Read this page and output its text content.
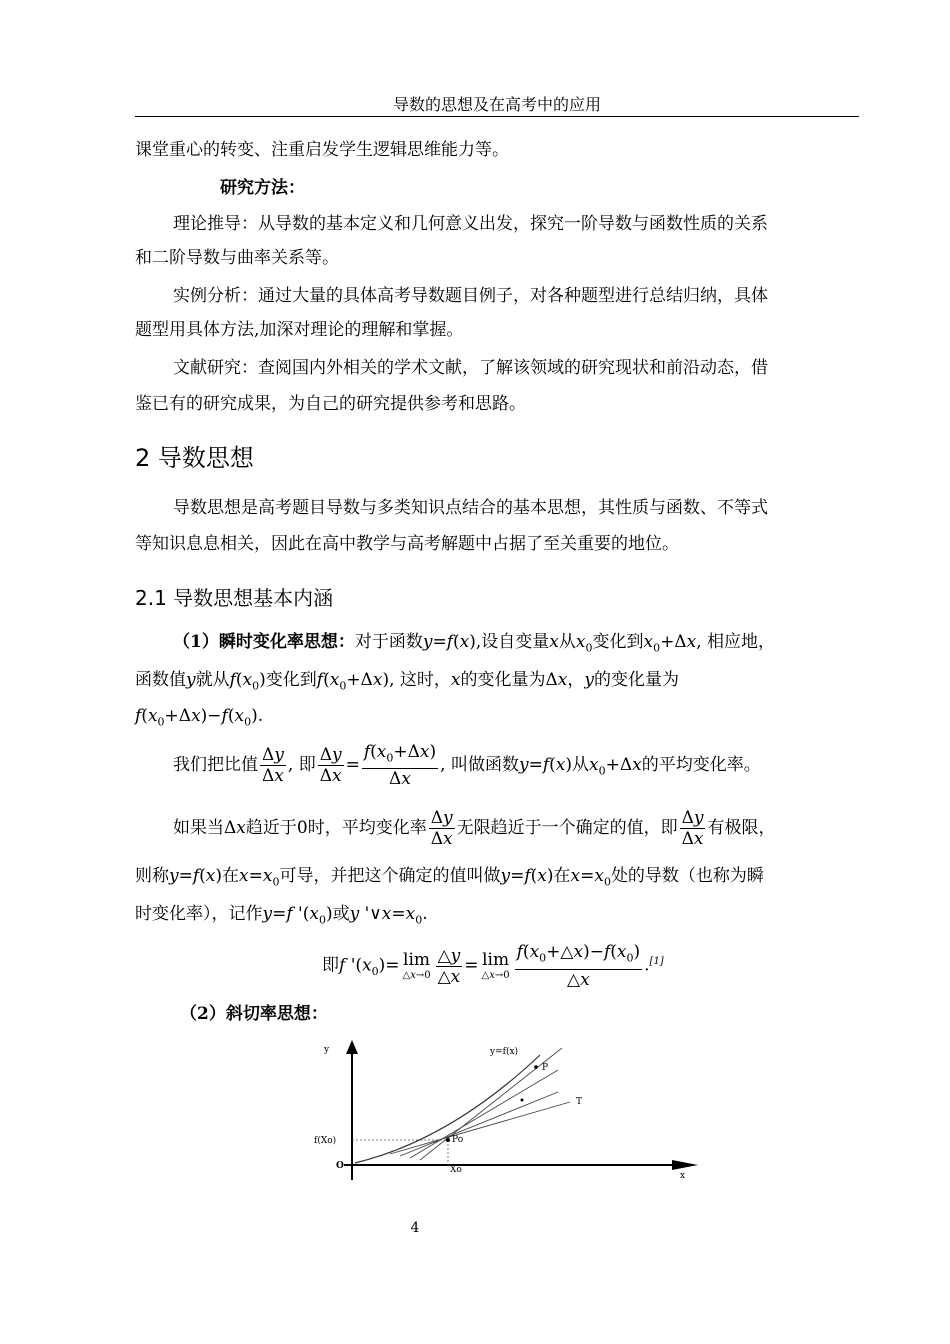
导数的思想及在高考中的应用
课堂重心的转变、注重启发学生逻辑思维能力等。
研究方法：
理论推导：从导数的基本定义和几何意义出发，探究一阶导数与函数性质的关系
和二阶导数与曲率关系等。
实例分析：通过大量的具体高考导数题目例子，对各种题型进行总结归纳，具体
题型用具体方法,加深对理论的理解和掌握。
文献研究：查阅国内外相关的学术文献，了解该领域的研究现状和前沿动态，借
鉴已有的研究成果，为自己的研究提供参考和思路。
2 导数思想
导数思想是高考题目导数与多类知识点结合的基本思想，其性质与函数、不等式
等知识息息相关，因此在高中教学与高考解题中占据了至关重要的地位。
2.1 导数思想基本内涵
（1）瞬时变化率思想：对于函数y=f(x),设自变量x从$x_0$变化到$x_0+\Delta x$, 相应地，
函数值y就从$f(x_0)$变化到$f(x_0+\Delta x)$, 这时，x的变化量为Δx，y的变化量为
$f(x_0+\Delta x)-f(x_0)$.
我们把比值 $\frac{\Delta y}{\Delta x}$ , 即 $\frac{\Delta y}{\Delta x} = \frac{f(x_0+\Delta x)}{\Delta x}$ , 叫做函数y=f(x)从$x_0+\Delta x$的平均变化率。
如果当Δx趋近于0时，平均变化率 $\frac{\Delta y}{\Delta x}$ 无限趋近于一个确定的值，即 $\frac{\Delta y}{\Delta x}$ 有极限，
则称y=f(x)在$x=x_0$可导，并把这个确定的值叫做y=f(x)在$x=x_0$处的导数（也称为瞬
时变化率），记作y=f '$(x_0)$或y '$\vee x=x_0$.
即f '$(x_0)= \lim$
△x→0 $\frac{\triangle y}{\triangle x} = \lim$
△x→0 $\frac{f(x_0+\triangle x)-f(x_0)}{\triangle x} .[1]$
（2）斜切率思想：
y
x
O
f(Xo)
Xo
Po
P
T
y=f(x)
4
